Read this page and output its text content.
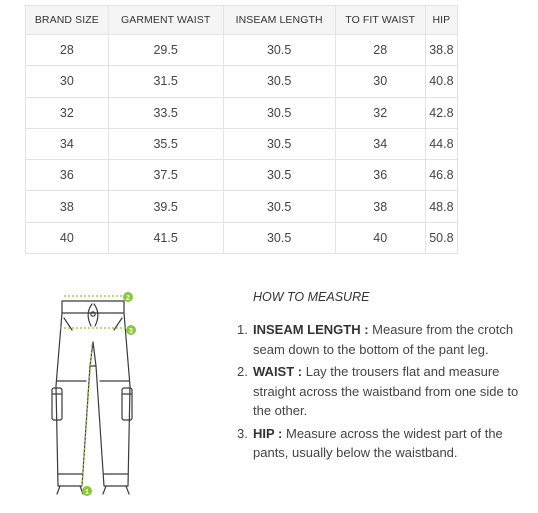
BRAND SIZE	GARMENT WAIST	INSEAM LENGTH	TO FIT WAIST	HIP
28	29.5	30.5	28	38.8
30	31.5	30.5	30	40.8
32	33.5	30.5	32	42.8
34	35.5	30.5	34	44.8
36	37.5	30.5	36	46.8
38	39.5	30.5	38	48.8
40	41.5	30.5	40	50.8
1
2
3
HOW TO MEASURE
1. INSEAM LENGTH : Measure from the crotch seam down to the bottom of the pant leg.
2. WAIST : Lay the trousers flat and measure straight across the waistband from one side to the other.
3. HIP : Measure across the widest part of the pants, usually below the waistband.
